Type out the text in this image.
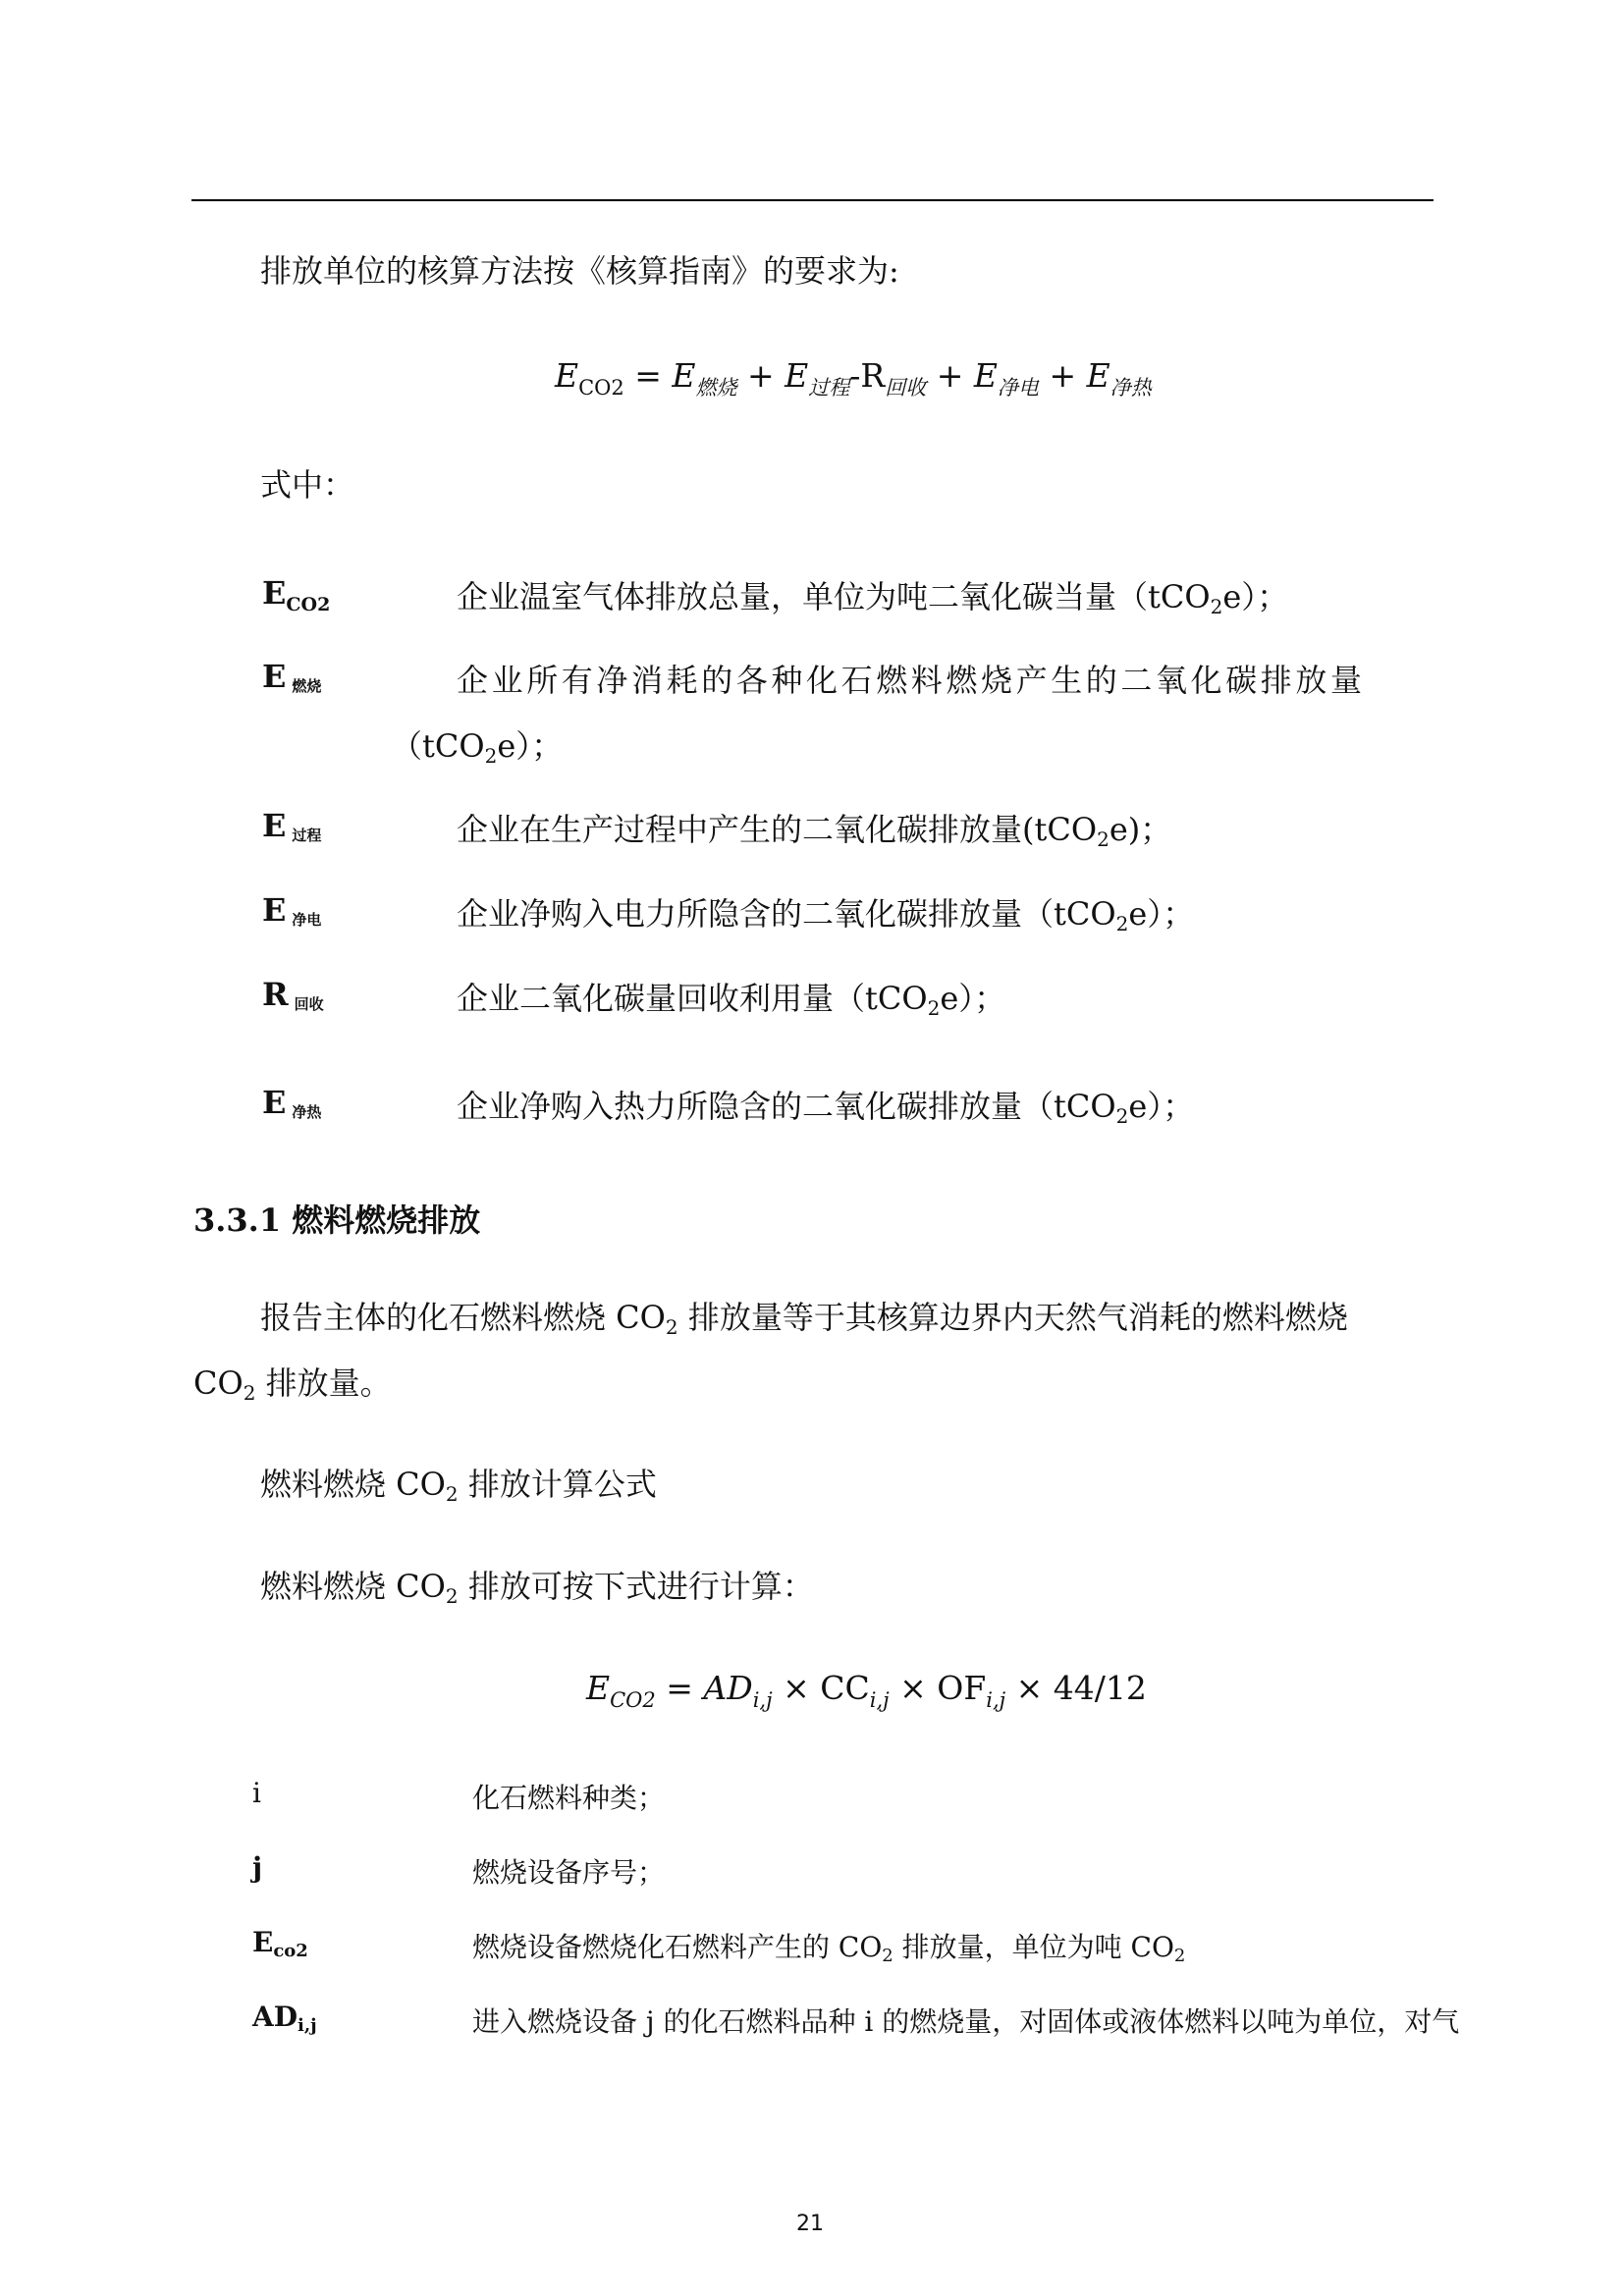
排放单位的核算方法按《核算指南》的要求为:
$E_{CO2} = E_{燃烧} + E_{过程}-R_{回收} + E_{净电} + E_{净热}$
式中：
$E_{CO2}$	企业温室气体排放总量，单位为吨二氧化碳当量（tCO$_2$e）；
E燃烧	企业所有净消耗的各种化石燃料燃烧产生的二氧化碳排放量
（tCO$_2$e）；
E过程	企业在生产过程中产生的二氧化碳排放量(tCO$_2$e)；
E净电	企业净购入电力所隐含的二氧化碳排放量（tCO$_2$e）；
R回收	企业二氧化碳量回收利用量（tCO$_2$e）；
E净热	企业净购入热力所隐含的二氧化碳排放量（tCO$_2$e）；
3.3.1 燃料燃烧排放
报告主体的化石燃料燃烧 $CO_2$ 排放量等于其核算边界内天然气消耗的燃料燃烧
$CO_2$ 排放量。
燃料燃烧 $CO_2$ 排放计算公式
燃料燃烧 $CO_2$ 排放可按下式进行计算：
$E_{CO2} = AD_{i,j} \times CC_{i,j} \times OF_{i,j} \times 44/12$
i	化石燃料种类；
j	燃烧设备序号；
$E_{co2}$	燃烧设备燃烧化石燃料产生的 $CO_2$ 排放量，单位为吨 $CO_2$
$AD_{i,j}$	进入燃烧设备 j 的化石燃料品种 i 的燃烧量，对固体或液体燃料以吨为单位，对气
21
